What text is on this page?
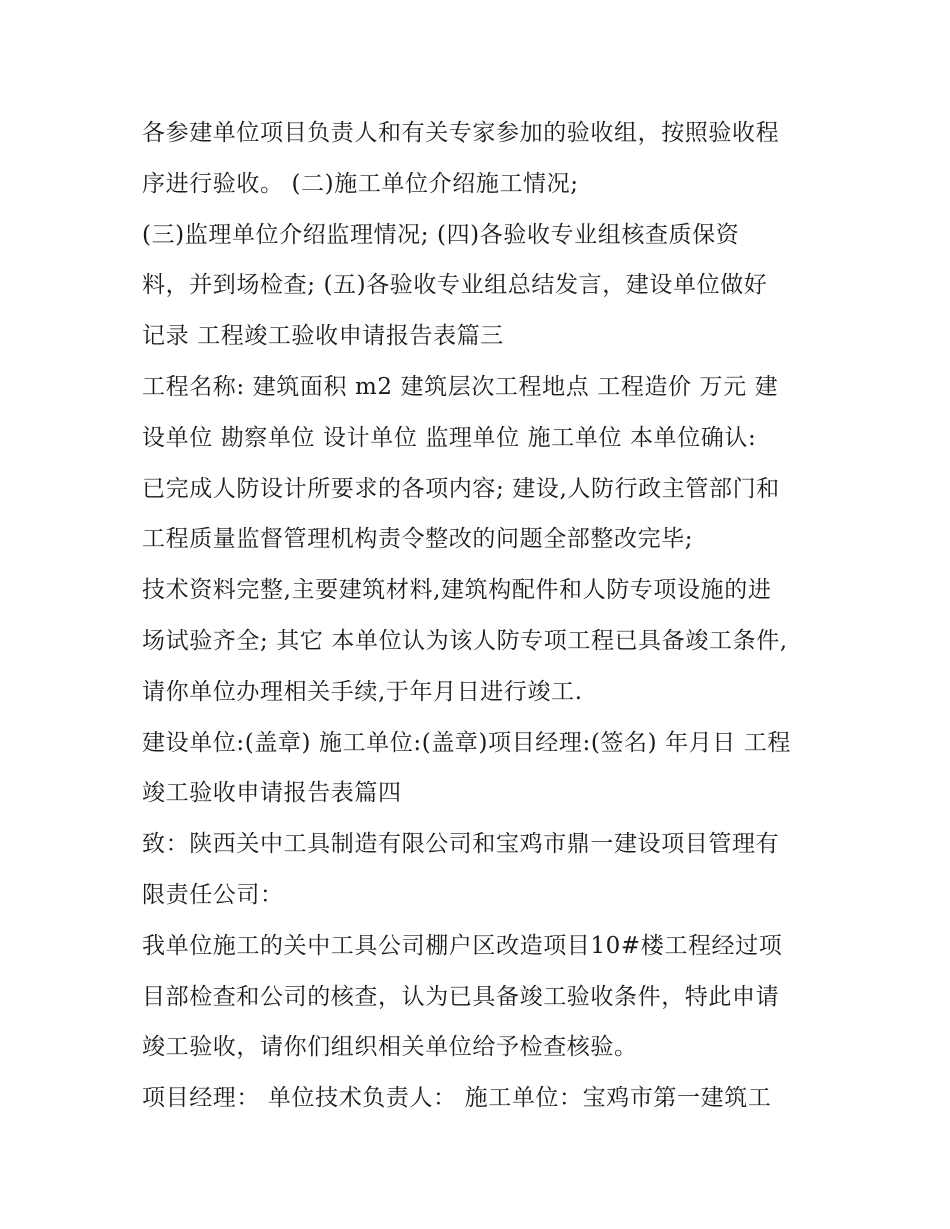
各参建单位项目负责人和有关专家参加的验收组，按照验收程
序进行验收。 (二)施工单位介绍施工情况;
(三)监理单位介绍监理情况; (四)各验收专业组核查质保资
料，并到场检查; (五)各验收专业组总结发言，建设单位做好
记录 工程竣工验收申请报告表篇三
工程名称: 建筑面积 m2 建筑层次工程地点 工程造价 万元 建
设单位 勘察单位 设计单位 监理单位 施工单位 本单位确认:
已完成人防设计所要求的各项内容; 建设,人防行政主管部门和
工程质量监督管理机构责令整改的问题全部整改完毕;
技术资料完整,主要建筑材料,建筑构配件和人防专项设施的进
场试验齐全; 其它 本单位认为该人防专项工程已具备竣工条件,
请你单位办理相关手续,于年月日进行竣工.
建设单位:(盖章) 施工单位:(盖章)项目经理:(签名) 年月日 工程
竣工验收申请报告表篇四
致：陕西关中工具制造有限公司和宝鸡市鼎一建设项目管理有
限责任公司：
我单位施工的关中工具公司棚户区改造项目10#楼工程经过项
目部检查和公司的核查，认为已具备竣工验收条件，特此申请
竣工验收，请你们组织相关单位给予检查核验。
项目经理： 单位技术负责人： 施工单位：宝鸡市第一建筑工
